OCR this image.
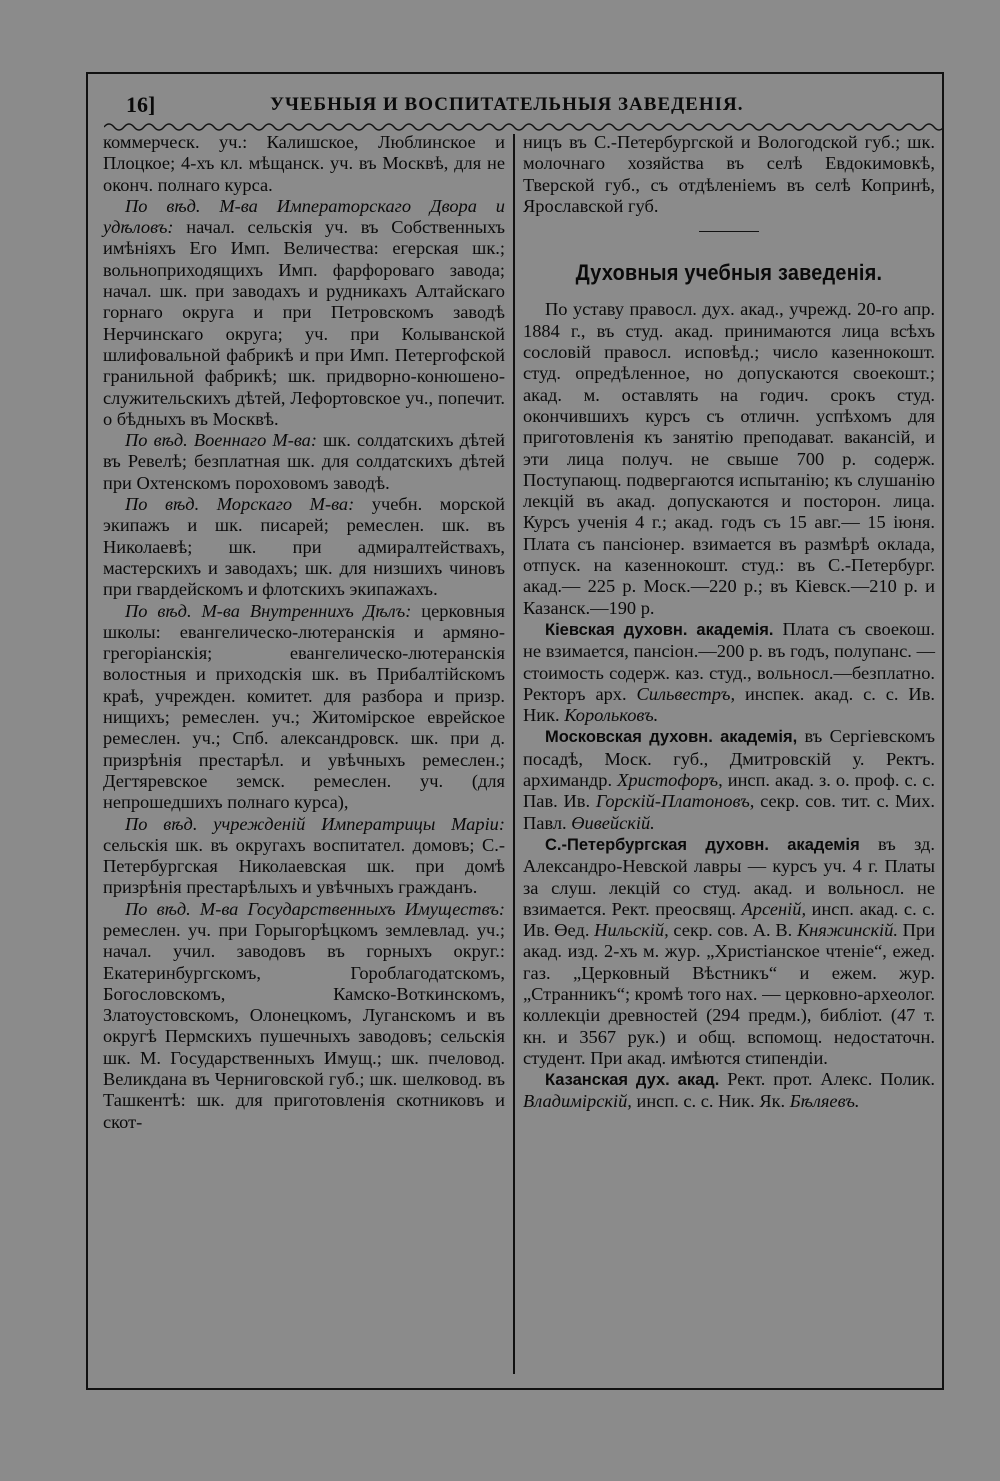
16]	УЧЕБНЫЯ И ВОСПИТАТЕЛЬНЫЯ ЗАВЕДЕНІЯ.

коммерческ. уч.: Калишское, Люблинское и Плоцкое; 4-хъ кл. мѣщанск. уч. въ Москвѣ, для не оконч. полнаго курса.

По вѣд. М-ва Императорскаго Двора и удѣловъ: начал. сельскія уч. въ Собственныхъ имѣніяхъ Его Имп. Величества: егерская шк.; вольноприходящихъ Имп. фарфороваго завода; начал. шк. при заводахъ и рудникахъ Алтайскаго горнаго округа и при Петровскомъ заводѣ Нерчинскаго округа; уч. при Колыванской шлифовальной фабрикѣ и при Имп. Петергофской гранильной фабрикѣ; шк. придворно-конюшено-служительскихъ дѣтей, Лефортовское уч., попечит. о бѣдныхъ въ Москвѣ.

По вѣд. Военнаго М-ва: шк. солдатскихъ дѣтей въ Ревелѣ; безплатная шк. для солдатскихъ дѣтей при Охтенскомъ пороховомъ заводѣ.

По вѣд. Морскаго М-ва: учебн. морской экипажъ и шк. писарей; ремеслен. шк. въ Николаевѣ; шк. при адмиралтействахъ, мастерскихъ и заводахъ; шк. для низшихъ чиновъ при гвардейскомъ и флотскихъ экипажахъ.

По вѣд. М-ва Внутреннихъ Дѣлъ: церковныя школы: евангелическо-лютеранскія и армяно-грегоріанскія; евангелическо-лютеранскія волостныя и приходскія шк. въ Прибалтійскомъ краѣ, учрежден. комитет. для разбора и призр. нищихъ; ремеслен. уч.; Житомірское еврейское ремеслен. уч.; Спб. александровск. шк. при д. призрѣнія престарѣл. и увѣчныхъ ремеслен.; Дегтяревское земск. ремеслен. уч. (для непрошедшихъ полнаго курса),

По вѣд. учрежденій Императрицы Маріи: сельскія шк. въ округахъ воспитател. домовъ; С.-Петербургская Николаевская шк. при домѣ призрѣнія престарѣлыхъ и увѣчныхъ гражданъ.

По вѣд. М-ва Государственныхъ Имуществъ: ремеслен. уч. при Горыгорѣцкомъ землевлад. уч.; начал. учил. заводовъ въ горныхъ округ.: Екатеринбургскомъ, Гороблагодатскомъ, Богословскомъ, Камско-Воткинскомъ, Златоустовскомъ, Олонецкомъ, Луганскомъ и въ округѣ Пермскихъ пушечныхъ заводовъ; сельскія шк. М. Государственныхъ Имущ.; шк. пчеловод. Великдана въ Черниговской губ.; шк. шелковод. въ Ташкентѣ: шк. для приготовленія скотниковъ и скот-

ницъ въ С.-Петербургской и Вологодской губ.; шк. молочнаго хозяйства въ селѣ Евдокимовкѣ, Тверской губ., съ отдѣленіемъ въ селѣ Копринѣ, Ярославской губ.

Духовныя учебныя заведенія.

По уставу правосл. дух. акад., учрежд. 20-го апр. 1884 г., въ студ. акад. принимаются лица всѣхъ сословій правосл. исповѣд.; число казеннокошт. студ. опредѣленное, но допускаются своекошт.; акад. м. оставлять на годич. срокъ студ. окончившихъ курсъ съ отличн. успѣхомъ для приготовленія къ занятію преподават. вакансій, и эти лица получ. не свыше 700 р. содерж. Поступающ. подвергаются испытанію; къ слушанію лекцій въ акад. допускаются и посторон. лица. Курсъ ученія 4 г.; акад. годъ съ 15 авг.— 15 іюня. Плата съ пансіонер. взимается въ размѣрѣ оклада, отпуск. на казеннокошт. студ.: въ С.-Петербург. акад.— 225 р. Моск.—220 р.; въ Кіевск.—210 р. и Казанск.—190 р.

Кіевская духовн. академія. Плата съ своекош. не взимается, пансіон.—200 р. въ годъ, полупанс. — стоимость содерж. каз. студ., вольносл.—безплатно. Ректоръ арх. Сильвестръ, инспек. акад. с. с. Ив. Ник. Корольковъ.

Московская духовн. академія, въ Сергіевскомъ посадѣ, Моск. губ., Дмитровскій у. Ректъ. архимандр. Христофоръ, инсп. акад. з. о. проф. с. с. Пав. Ив. Горскій-Платоновъ, секр. сов. тит. с. Мих. Павл. Өивейскій.

С.-Петербургская духовн. академія въ зд. Александро-Невской лавры — курсъ уч. 4 г. Платы за слуш. лекцій со студ. акад. и вольносл. не взимается. Рект. преосвящ. Арсеній, инсп. акад. с. с. Ив. Өед. Нильскій, секр. сов. А. В. Княжинскій. При акад. изд. 2-хъ м. жур. „Христіанское чтеніе“, ежед. газ. „Церковный Вѣстникъ“ и ежем. жур. „Странникъ“; кромѣ того нах. — церковно-археолог. коллекціи древностей (294 предм.), библіот. (47 т. кн. и 3567 рук.) и общ. вспомощ. недостаточн. студент. При акад. имѣются стипендіи.

Казанская дух. акад. Рект. прот. Алекс. Полик. Владимірскій, инсп. с. с. Ник. Як. Бѣляевъ.
